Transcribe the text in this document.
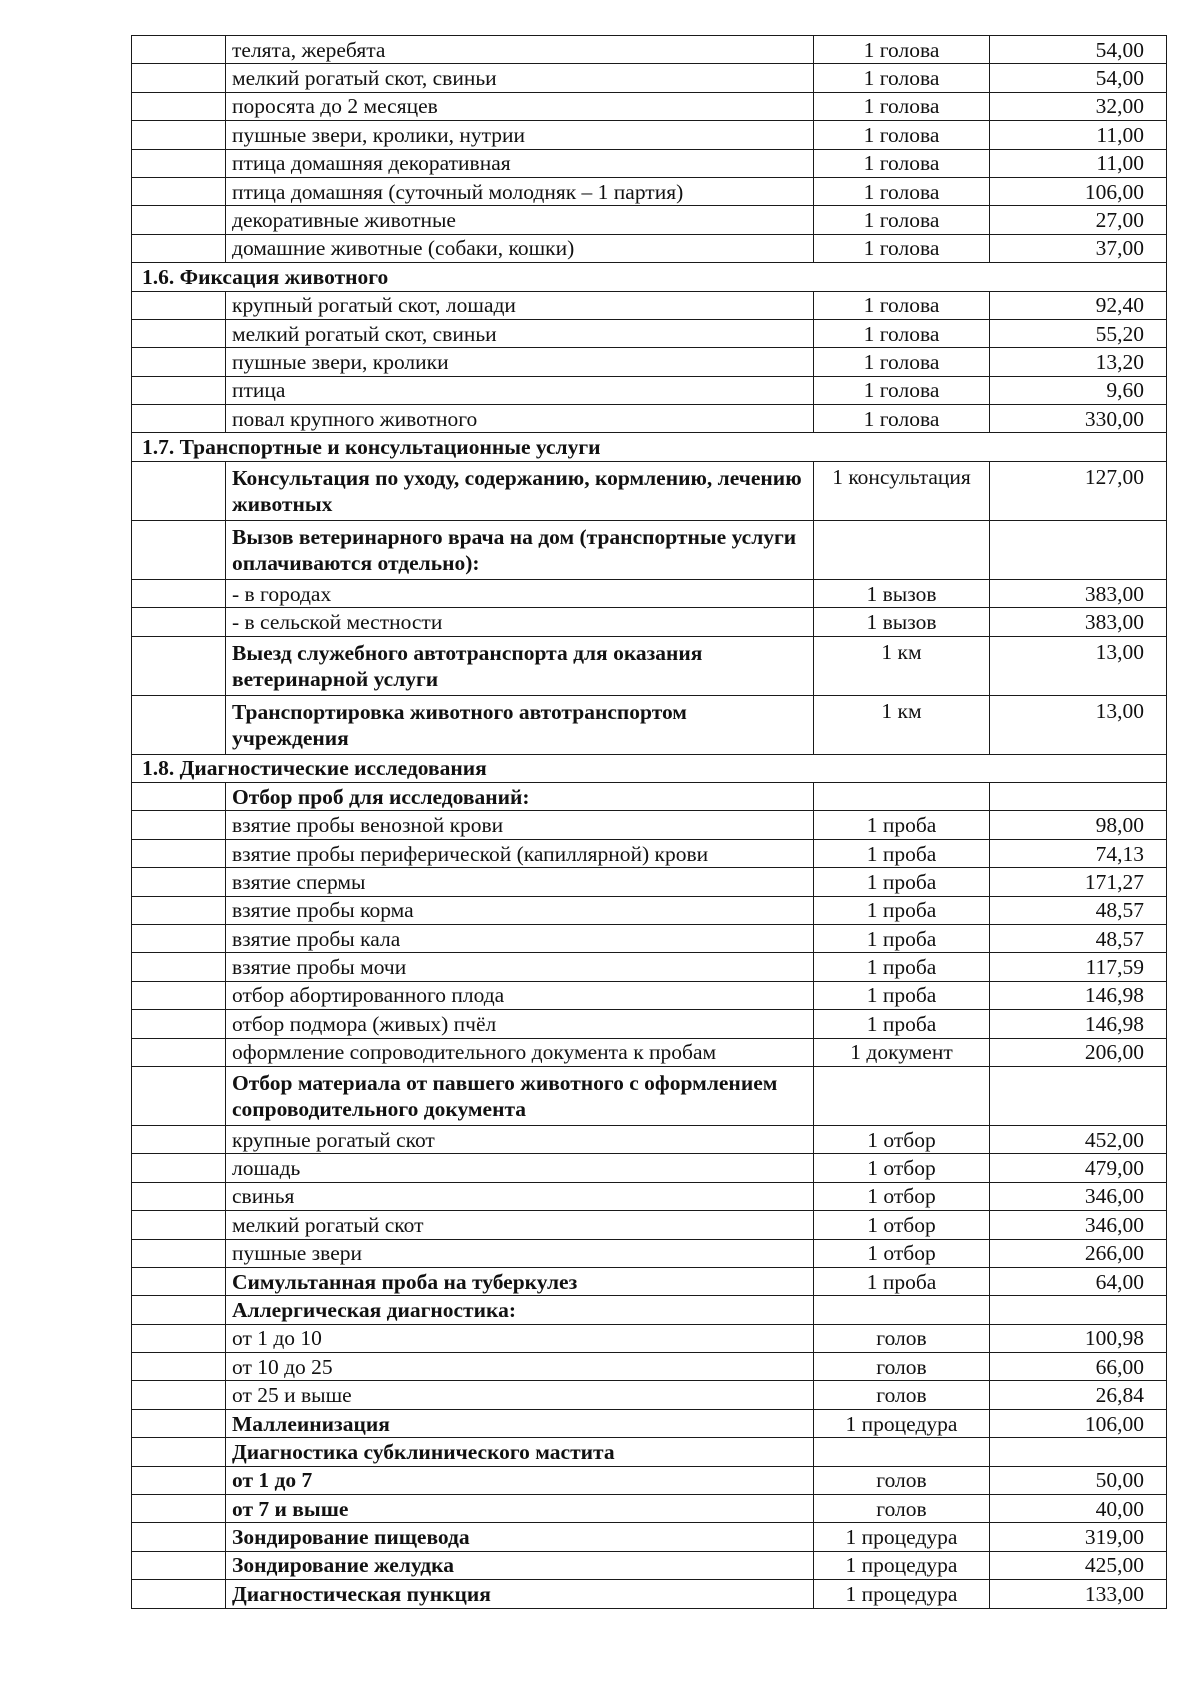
	телята, жеребята	1 голова	54,00
	мелкий рогатый скот, свиньи	1 голова	54,00
	поросята до 2 месяцев	1 голова	32,00
	пушные звери, кролики, нутрии	1 голова	11,00
	птица домашняя декоративная	1 голова	11,00
	птица домашняя (суточный молодняк – 1 партия)	1 голова	106,00
	декоративные животные	1 голова	27,00
	домашние животные (собаки, кошки)	1 голова	37,00
1.6. Фиксация животного			
	крупный рогатый скот, лошади	1 голова	92,40
	мелкий рогатый скот, свиньи	1 голова	55,20
	пушные звери, кролики	1 голова	13,20
	птица	1 голова	9,60
	повал крупного животного	1 голова	330,00
1.7. Транспортные и консультационные услуги			
	Консультация по уходу, содержанию, кормлению, лечению животных	1 консультация	127,00
	Вызов ветеринарного врача на дом (транспортные услуги оплачиваются отдельно):		
	- в городах	1 вызов	383,00
	- в сельской местности	1 вызов	383,00
	Выезд служебного автотранспорта для оказания ветеринарной услуги	1 км	13,00
	Транспортировка животного автотранспортом учреждения	1 км	13,00
1.8. Диагностические исследования			
	Отбор проб для исследований:		
	взятие пробы венозной крови	1 проба	98,00
	взятие пробы периферической (капиллярной) крови	1 проба	74,13
	взятие спермы	1 проба	171,27
	взятие пробы корма	1 проба	48,57
	взятие пробы кала	1 проба	48,57
	взятие пробы мочи	1 проба	117,59
	отбор абортированного плода	1 проба	146,98
	отбор подмора (живых) пчёл	1 проба	146,98
	оформление сопроводительного документа к пробам	1 документ	206,00
	Отбор материала от павшего животного с оформлением сопроводительного документа		
	крупные рогатый скот	1 отбор	452,00
	лошадь	1 отбор	479,00
	свинья	1 отбор	346,00
	мелкий рогатый скот	1 отбор	346,00
	пушные звери	1 отбор	266,00
	Симультанная проба на туберкулез	1 проба	64,00
	Аллергическая диагностика:		
	от 1 до 10	голов	100,98
	от 10 до 25	голов	66,00
	от 25 и выше	голов	26,84
	Маллеинизация	1 процедура	106,00
	Диагностика субклинического мастита		
	от 1 до 7	голов	50,00
	от 7 и выше	голов	40,00
	Зондирование пищевода	1 процедура	319,00
	Зондирование желудка	1 процедура	425,00
	Диагностическая пункция	1 процедура	133,00
